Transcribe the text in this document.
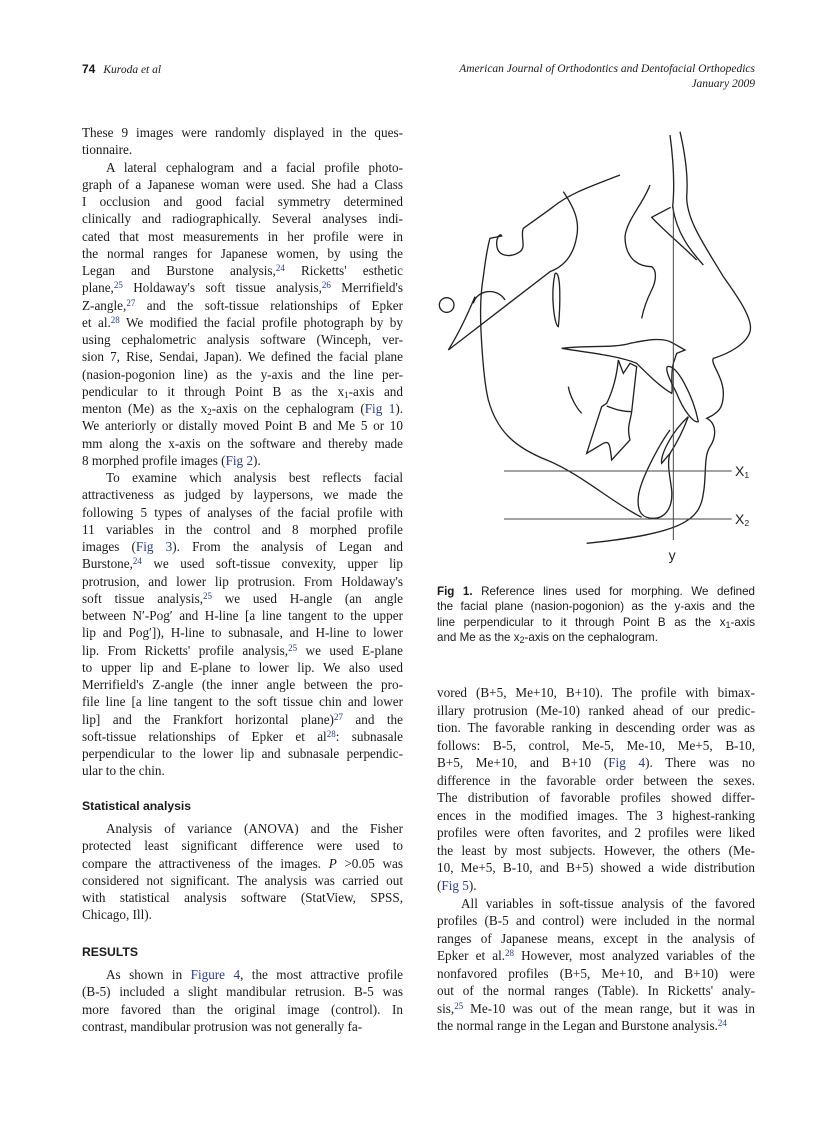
74 Kuroda et al	American Journal of Orthodontics and Dentofacial Orthopedics
January 2009
These 9 images were randomly displayed in the ques-
tionnaire.
A lateral cephalogram and a facial profile photo-
graph of a Japanese woman were used. She had a Class
I occlusion and good facial symmetry determined
clinically and radiographically. Several analyses indi-
cated that most measurements in her profile were in
the normal ranges for Japanese women, by using the
Legan and Burstone analysis,$^{24}$ Ricketts' esthetic
plane,$^{25}$ Holdaway's soft tissue analysis,$^{26}$ Merrifield's
Z-angle,$^{27}$ and the soft-tissue relationships of Epker
et al.$^{28}$ We modified the facial profile photograph by by
using cephalometric analysis software (Winceph, ver-
sion 7, Rise, Sendai, Japan). We defined the facial plane
(nasion-pogonion line) as the y-axis and the line per-
pendicular to it through Point B as the $x_1$-axis and
menton (Me) as the $x_2$-axis on the cephalogram (Fig 1).
We anteriorly or distally moved Point B and Me 5 or 10
mm along the x-axis on the software and thereby made
8 morphed profile images (Fig 2).
To examine which analysis best reflects facial
attractiveness as judged by laypersons, we made the
following 5 types of analyses of the facial profile with
11 variables in the control and 8 morphed profile
images (Fig 3). From the analysis of Legan and
Burstone,$^{24}$ we used soft-tissue convexity, upper lip
protrusion, and lower lip protrusion. From Holdaway's
soft tissue analysis,$^{25}$ we used H-angle (an angle
between N′-Pog′ and H-line [a line tangent to the upper
lip and Pog′]), H-line to subnasale, and H-line to lower
lip. From Ricketts' profile analysis,$^{25}$ we used E-plane
to upper lip and E-plane to lower lip. We also used
Merrifield's Z-angle (the inner angle between the pro-
file line [a line tangent to the soft tissue chin and lower
lip] and the Frankfort horizontal plane)$^{27}$ and the
soft-tissue relationships of Epker et $al^{28}$: subnasale
perpendicular to the lower lip and subnasale perpendic-
ular to the chin.
Statistical analysis
Analysis of variance (ANOVA) and the Fisher
protected least significant difference were used to
compare the attractiveness of the images. P >0.05 was
considered not significant. The analysis was carried out
with statistical analysis software (StatView, SPSS,
Chicago, Ill).
RESULTS
As shown in Figure 4, the most attractive profile
(B-5) included a slight mandibular retrusion. B-5 was
more favored than the original image (control). In
contrast, mandibular protrusion was not generally fa-
X1
X2
y
Fig 1. Reference lines used for morphing. We defined
the facial plane (nasion-pogonion) as the y-axis and the
line perpendicular to it through Point B as the $x_1$-axis
and Me as the $x_2$-axis on the cephalogram.
vored (B+5, Me+10, B+10). The profile with bimax-
illary protrusion (Me-10) ranked ahead of our predic-
tion. The favorable ranking in descending order was as
follows: B-5, control, Me-5, Me-10, Me+5, B-10,
B+5, Me+10, and B+10 (Fig 4). There was no
difference in the favorable order between the sexes.
The distribution of favorable profiles showed differ-
ences in the modified images. The 3 highest-ranking
profiles were often favorites, and 2 profiles were liked
the least by most subjects. However, the others (Me-
10, Me+5, B-10, and B+5) showed a wide distribution
(Fig 5).
All variables in soft-tissue analysis of the favored
profiles (B-5 and control) were included in the normal
ranges of Japanese means, except in the analysis of
Epker et al.$^{28}$ However, most analyzed variables of the
nonfavored profiles (B+5, Me+10, and B+10) were
out of the normal ranges (Table). In Ricketts' analy-
sis,$^{25}$ Me-10 was out of the mean range, but it was in
the normal range in the Legan and Burstone analysis.$^{24}$
